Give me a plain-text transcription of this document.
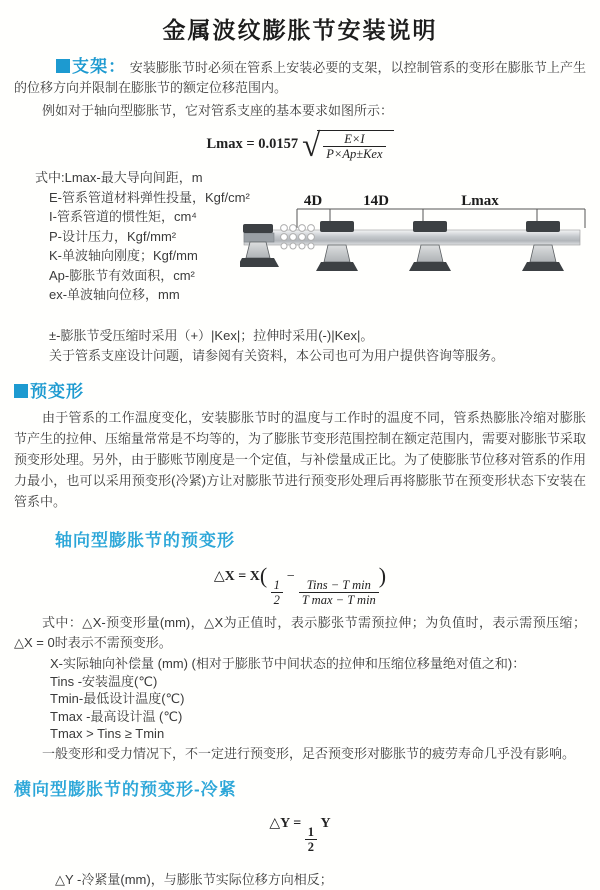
金属波纹膨胀节安装说明

支架： 安装膨胀节时必须在管系上安装必要的支架，以控制管系的变形在膨胀节上产生的位移方向并限制在膨胀节的额定位移范围内。

例如对于轴向型膨胀节，它对管系支座的基本要求如图所示：

Lmax = 0.0157 √ $\frac{E\times I}{\text{P×Ap±Kex}}$
式中:Lmax-最大导向间距，m
E-管系管道材料弹性投量，Kgf/cm²
I-管系管道的惯性矩，cm⁴
P-设计压力，Kgf/mm²
K-单波轴向刚度；Kgf/mm
Ap-膨胀节有效面积，cm²
ex-单波轴向位移，mm
4D	14D	Lmax
±-膨胀节受压缩时采用（+）|Kex|；拉伸时采用(-)|Kex|。
关于管系支座设计问题，请参阅有关资料，本公司也可为用户提供咨询等服务。
预变形

由于管系的工作温度变化，安装膨胀节时的温度与工作时的温度不同，管系热膨胀冷缩对膨胀节产生的拉伸、压缩量常常是不均等的，为了膨胀节变形范围控制在额定范围内，需要对膨胀节采取预变形处理。另外，由于膨账节刚度是一个定值，与补偿量成正比。为了使膨胀节位移对管系的作用力最小，也可以采用预变形(冷紧)方让对膨胀节进行预变形处理后再将膨胀节在预变形状态下安装在管系中。

轴向型膨胀节的预变形
△X = X(
$\frac{1}{2}$
−
$\frac{\text{Tins − T min}}{\text{T max − T min}}$
)

式中：△X-预变形量(mm)，△X为正值时，表示膨张节需预拉伸；为负值时，表示需预压缩；△X = 0时表示不需预变形。

X-实际轴向补偿量 (mm) (相对于膨胀节中间状态的拉伸和压缩位移量绝对值之和)：
Tins -安装温度(℃)
Tmin-最低设计温度(℃)
Tmax -最高设计温 (℃)
Tmax > Tins ≥ Tmin
一般变形和受力情况下，不一定进行预变形，足否预变形对膨胀节的疲劳寿命几乎没有影响。
横向型膨胀节的预变形-冷紧
△Y =
$\frac{1}{2}$
Y
△Y -冷紧量(mm)，与膨胀节实际位移方向相反；
